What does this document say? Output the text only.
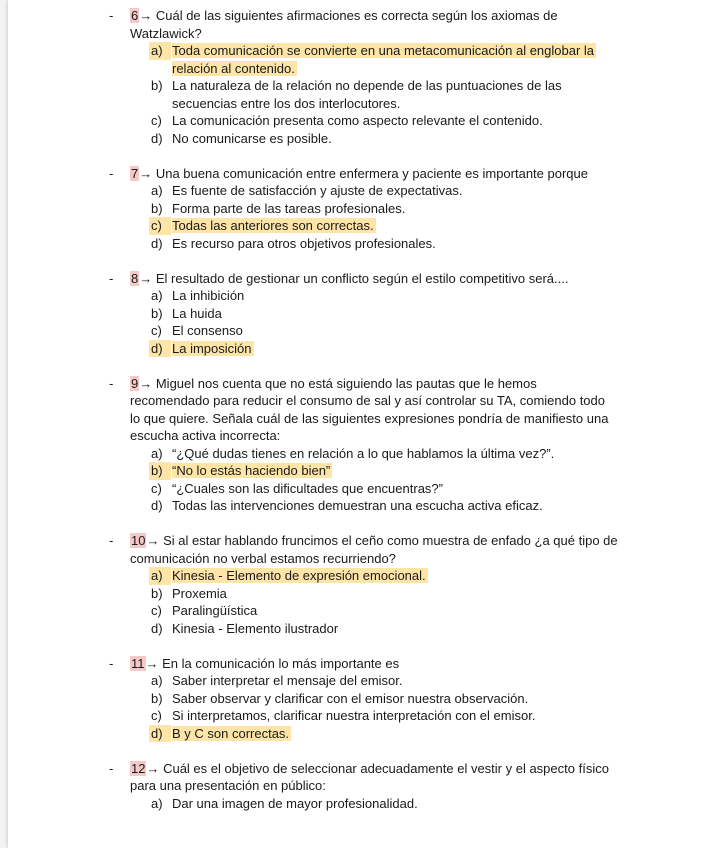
- 6→ Cuál de las siguientes afirmaciones es correcta según los axiomas de Watzlawick?
a) Toda comunicación se convierte en una metacomunicación al englobar la relación al contenido.
b) La naturaleza de la relación no depende de las puntuaciones de las secuencias entre los dos interlocutores.
c) La comunicación presenta como aspecto relevante el contenido.
d) No comunicarse es posible.
- 7→ Una buena comunicación entre enfermera y paciente es importante porque
a) Es fuente de satisfacción y ajuste de expectativas.
b) Forma parte de las tareas profesionales.
c) Todas las anteriores son correctas.
d) Es recurso para otros objetivos profesionales.
- 8→ El resultado de gestionar un conflicto según el estilo competitivo será....
a) La inhibición
b) La huida
c) El consenso
d) La imposición
- 9→ Miguel nos cuenta que no está siguiendo las pautas que le hemos recomendado para reducir el consumo de sal y así controlar su TA, comiendo todo lo que quiere. Señala cuál de las siguientes expresiones pondría de manifiesto una escucha activa incorrecta:
a) “¿Qué dudas tienes en relación a lo que hablamos la última vez?”.
b) “No lo estás haciendo bien”
c) “¿Cuales son las dificultades que encuentras?”
d) Todas las intervenciones demuestran una escucha activa eficaz.
- 10→ Si al estar hablando fruncimos el ceño como muestra de enfado ¿a qué tipo de comunicación no verbal estamos recurriendo?
a) Kinesia - Elemento de expresión emocional.
b) Proxemia
c) Paralingüística
d) Kinesia - Elemento ilustrador
- 11→ En la comunicación lo más importante es
a) Saber interpretar el mensaje del emisor.
b) Saber observar y clarificar con el emisor nuestra observación.
c) Si interpretamos, clarificar nuestra interpretación con el emisor.
d) B y C son correctas.
- 12→ Cuál es el objetivo de seleccionar adecuadamente el vestir y el aspecto físico para una presentación en público:
a) Dar una imagen de mayor profesionalidad.
